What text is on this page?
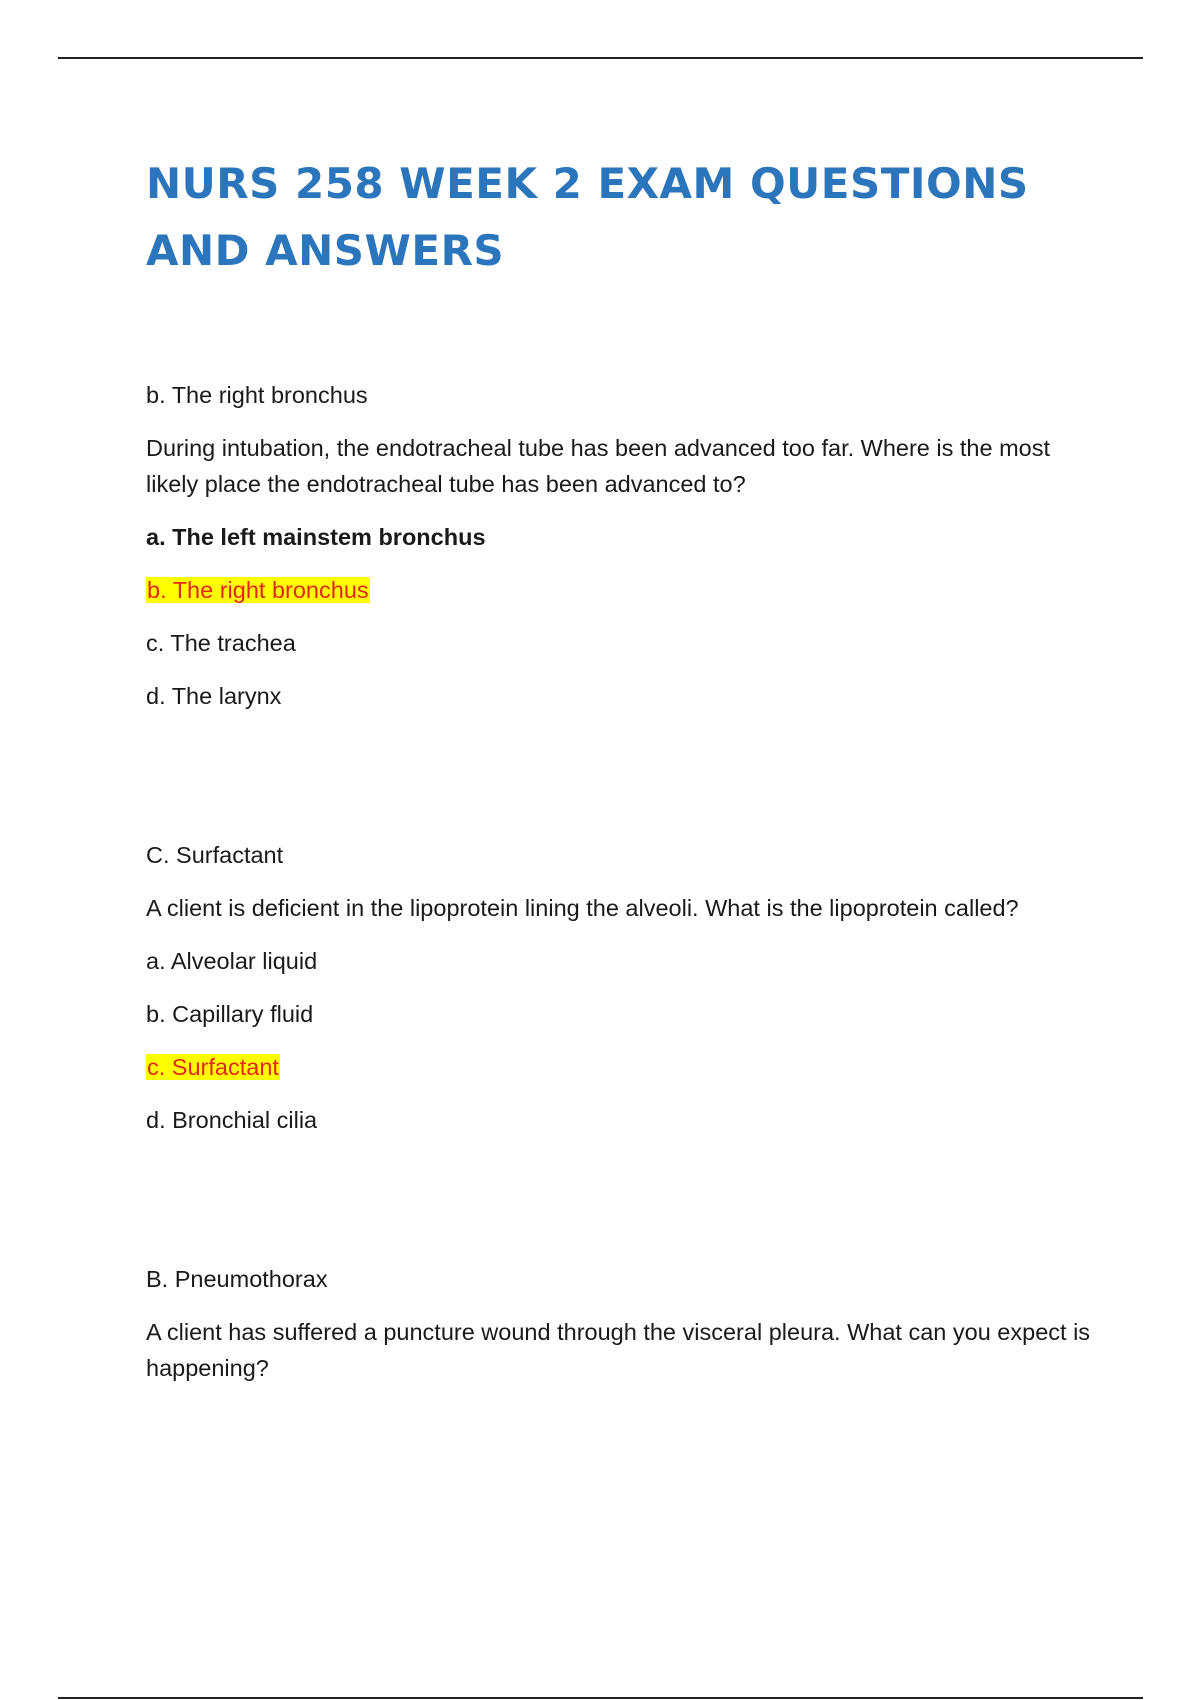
NURS 258 WEEK 2 EXAM QUESTIONS AND ANSWERS

b. The right bronchus

During intubation, the endotracheal tube has been advanced too far. Where is the most likely place the endotracheal tube has been advanced to?

a. The left mainstem bronchus

b. The right bronchus

c. The trachea

d. The larynx

C. Surfactant

A client is deficient in the lipoprotein lining the alveoli. What is the lipoprotein called?

a. Alveolar liquid

b. Capillary fluid

c. Surfactant

d. Bronchial cilia

B. Pneumothorax

A client has suffered a puncture wound through the visceral pleura. What can you expect is happening?
